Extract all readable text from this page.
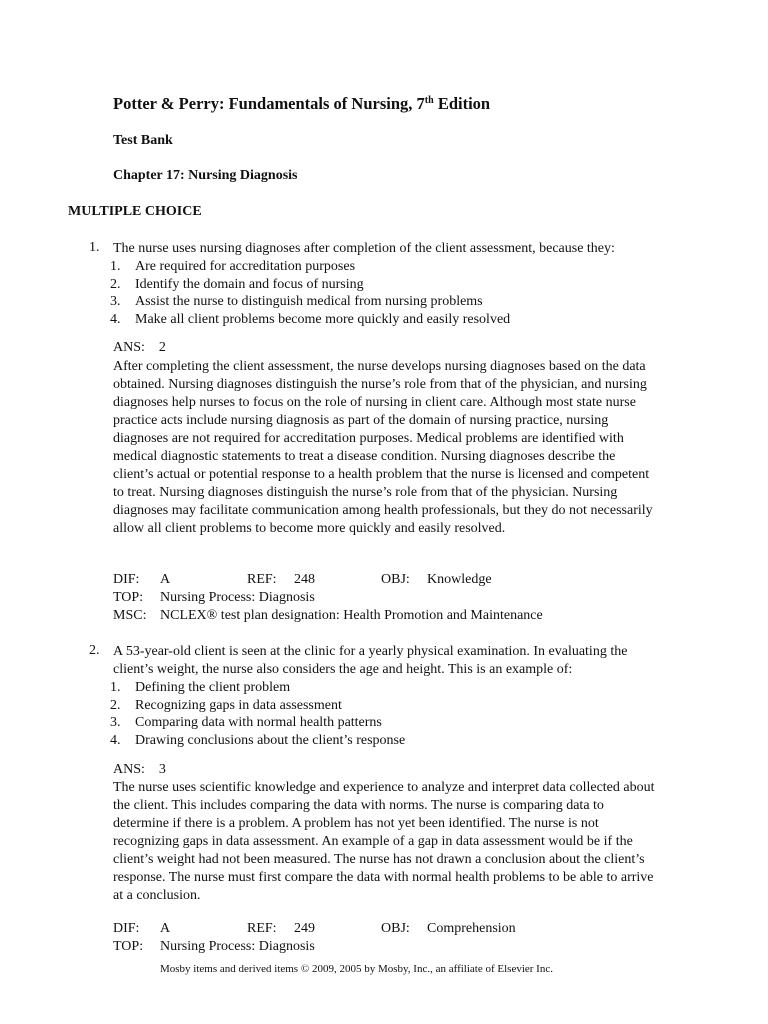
Potter & Perry: Fundamentals of Nursing, 7th Edition
Test Bank
Chapter 17: Nursing Diagnosis
MULTIPLE CHOICE
1. The nurse uses nursing diagnoses after completion of the client assessment, because they:
1. Are required for accreditation purposes
2. Identify the domain and focus of nursing
3. Assist the nurse to distinguish medical from nursing problems
4. Make all client problems become more quickly and easily resolved
ANS: 2
After completing the client assessment, the nurse develops nursing diagnoses based on the data obtained. Nursing diagnoses distinguish the nurse’s role from that of the physician, and nursing diagnoses help nurses to focus on the role of nursing in client care. Although most state nurse practice acts include nursing diagnosis as part of the domain of nursing practice, nursing diagnoses are not required for accreditation purposes. Medical problems are identified with medical diagnostic statements to treat a disease condition. Nursing diagnoses describe the client’s actual or potential response to a health problem that the nurse is licensed and competent to treat. Nursing diagnoses distinguish the nurse’s role from that of the physician. Nursing diagnoses may facilitate communication among health professionals, but they do not necessarily allow all client problems to become more quickly and easily resolved.
DIF: A	REF: 248	OBJ: Knowledge
TOP: Nursing Process: Diagnosis
MSC: NCLEX® test plan designation: Health Promotion and Maintenance
2. A 53-year-old client is seen at the clinic for a yearly physical examination. In evaluating the client’s weight, the nurse also considers the age and height. This is an example of:
1. Defining the client problem
2. Recognizing gaps in data assessment
3. Comparing data with normal health patterns
4. Drawing conclusions about the client’s response
ANS: 3
The nurse uses scientific knowledge and experience to analyze and interpret data collected about the client. This includes comparing the data with norms. The nurse is comparing data to determine if there is a problem. A problem has not yet been identified. The nurse is not recognizing gaps in data assessment. An example of a gap in data assessment would be if the client’s weight had not been measured. The nurse has not drawn a conclusion about the client’s response. The nurse must first compare the data with normal health problems to be able to arrive at a conclusion.
DIF: A	REF: 249	OBJ: Comprehension
TOP: Nursing Process: Diagnosis
Mosby items and derived items © 2009, 2005 by Mosby, Inc., an affiliate of Elsevier Inc.
